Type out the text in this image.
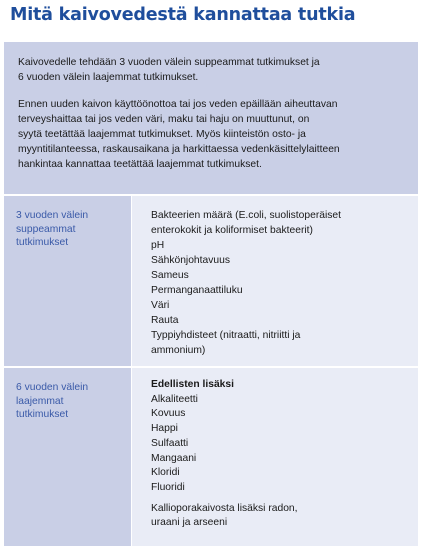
Mitä kaivovedestä kannattaa tutkia

Kaivovedelle tehdään 3 vuoden välein suppeammat tutkimukset ja
6 vuoden välein laajemmat tutkimukset.

Ennen uuden kaivon käyttöönottoa tai jos veden epäillään aiheuttavan
terveyshaittaa tai jos veden väri, maku tai haju on muuttunut, on
syytä teetättää laajemmat tutkimukset. Myös kiinteistön osto- ja
myyntitilanteessa, raskausaikana ja harkittaessa vedenkäsittelylaitteen
hankintaa kannattaa teetättää laajemmat tutkimukset.

3 vuoden välein
suppeammat
tutkimukset
Bakteerien määrä (E.coli, suolistoperäiset
enterokokit ja koliformiset bakteerit)
pH
Sähkönjohtavuus
Sameus
Permanganaattiluku
Väri
Rauta
Typpiyhdisteet (nitraatti, nitriitti ja
ammonium)
6 vuoden välein
laajemmat
tutkimukset
Edellisten lisäksi
Alkaliteetti
Kovuus
Happi
Sulfaatti
Mangaani
Kloridi
Fluoridi
Kallioporakaivosta lisäksi radon,
uraani ja arseeni
